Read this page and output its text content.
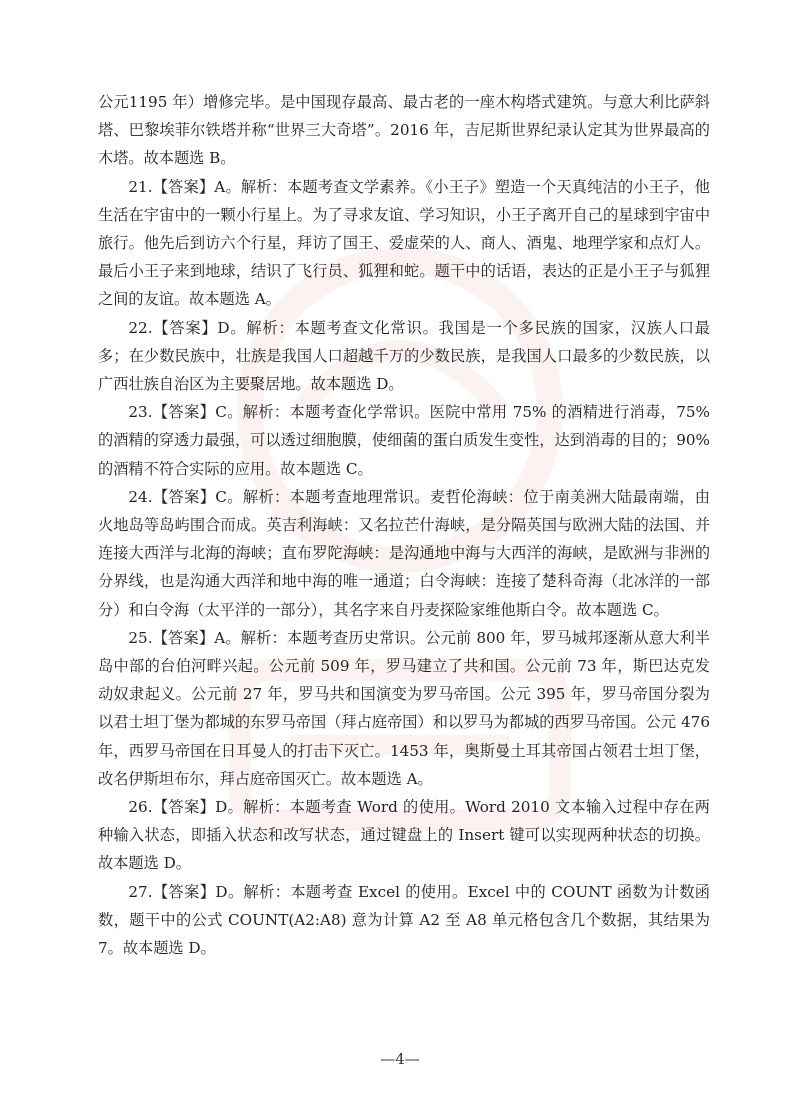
公元1195 年）增修完毕。是中国现存最高、最古老的一座木构塔式建筑。与意大利比萨斜塔、巴黎埃菲尔铁塔并称“世界三大奇塔”。2016 年，吉尼斯世界纪录认定其为世界最高的木塔。故本题选 B。

21.【答案】A。解析：本题考查文学素养。《小王子》塑造一个天真纯洁的小王子，他生活在宇宙中的一颗小行星上。为了寻求友谊、学习知识，小王子离开自己的星球到宇宙中旅行。他先后到访六个行星，拜访了国王、爱虚荣的人、商人、酒鬼、地理学家和点灯人。最后小王子来到地球，结识了飞行员、狐狸和蛇。题干中的话语，表达的正是小王子与狐狸之间的友谊。故本题选 A。

22.【答案】D。解析：本题考查文化常识。我国是一个多民族的国家，汉族人口最多；在少数民族中，壮族是我国人口超越千万的少数民族，是我国人口最多的少数民族，以广西壮族自治区为主要聚居地。故本题选 D。

23.【答案】C。解析：本题考查化学常识。医院中常用 75% 的酒精进行消毒，75% 的酒精的穿透力最强，可以透过细胞膜，使细菌的蛋白质发生变性，达到消毒的目的；90% 的酒精不符合实际的应用。故本题选 C。

24.【答案】C。解析：本题考查地理常识。麦哲伦海峡：位于南美洲大陆最南端，由火地岛等岛屿围合而成。英吉利海峡：又名拉芒什海峡，是分隔英国与欧洲大陆的法国、并连接大西洋与北海的海峡；直布罗陀海峡：是沟通地中海与大西洋的海峡，是欧洲与非洲的分界线，也是沟通大西洋和地中海的唯一通道；白令海峡：连接了楚科奇海（北冰洋的一部分）和白令海（太平洋的一部分），其名字来自丹麦探险家维他斯白令。故本题选 C。

25.【答案】A。解析：本题考查历史常识。公元前 800 年，罗马城邦逐渐从意大利半岛中部的台伯河畔兴起。公元前 509 年，罗马建立了共和国。公元前 73 年，斯巴达克发动奴隶起义。公元前 27 年，罗马共和国演变为罗马帝国。公元 395 年，罗马帝国分裂为以君士坦丁堡为都城的东罗马帝国（拜占庭帝国）和以罗马为都城的西罗马帝国。公元 476 年，西罗马帝国在日耳曼人的打击下灭亡。1453 年，奥斯曼土耳其帝国占领君士坦丁堡，改名伊斯坦布尔，拜占庭帝国灭亡。故本题选 A。

26.【答案】D。解析：本题考查 Word 的使用。Word 2010 文本输入过程中存在两种输入状态，即插入状态和改写状态，通过键盘上的 Insert 键可以实现两种状态的切换。故本题选 D。

27.【答案】D。解析：本题考查 Excel 的使用。Excel 中的 COUNT 函数为计数函数，题干中的公式 COUNT(A2:A8) 意为计算 A2 至 A8 单元格包含几个数据，其结果为 7。故本题选 D。

—4—
